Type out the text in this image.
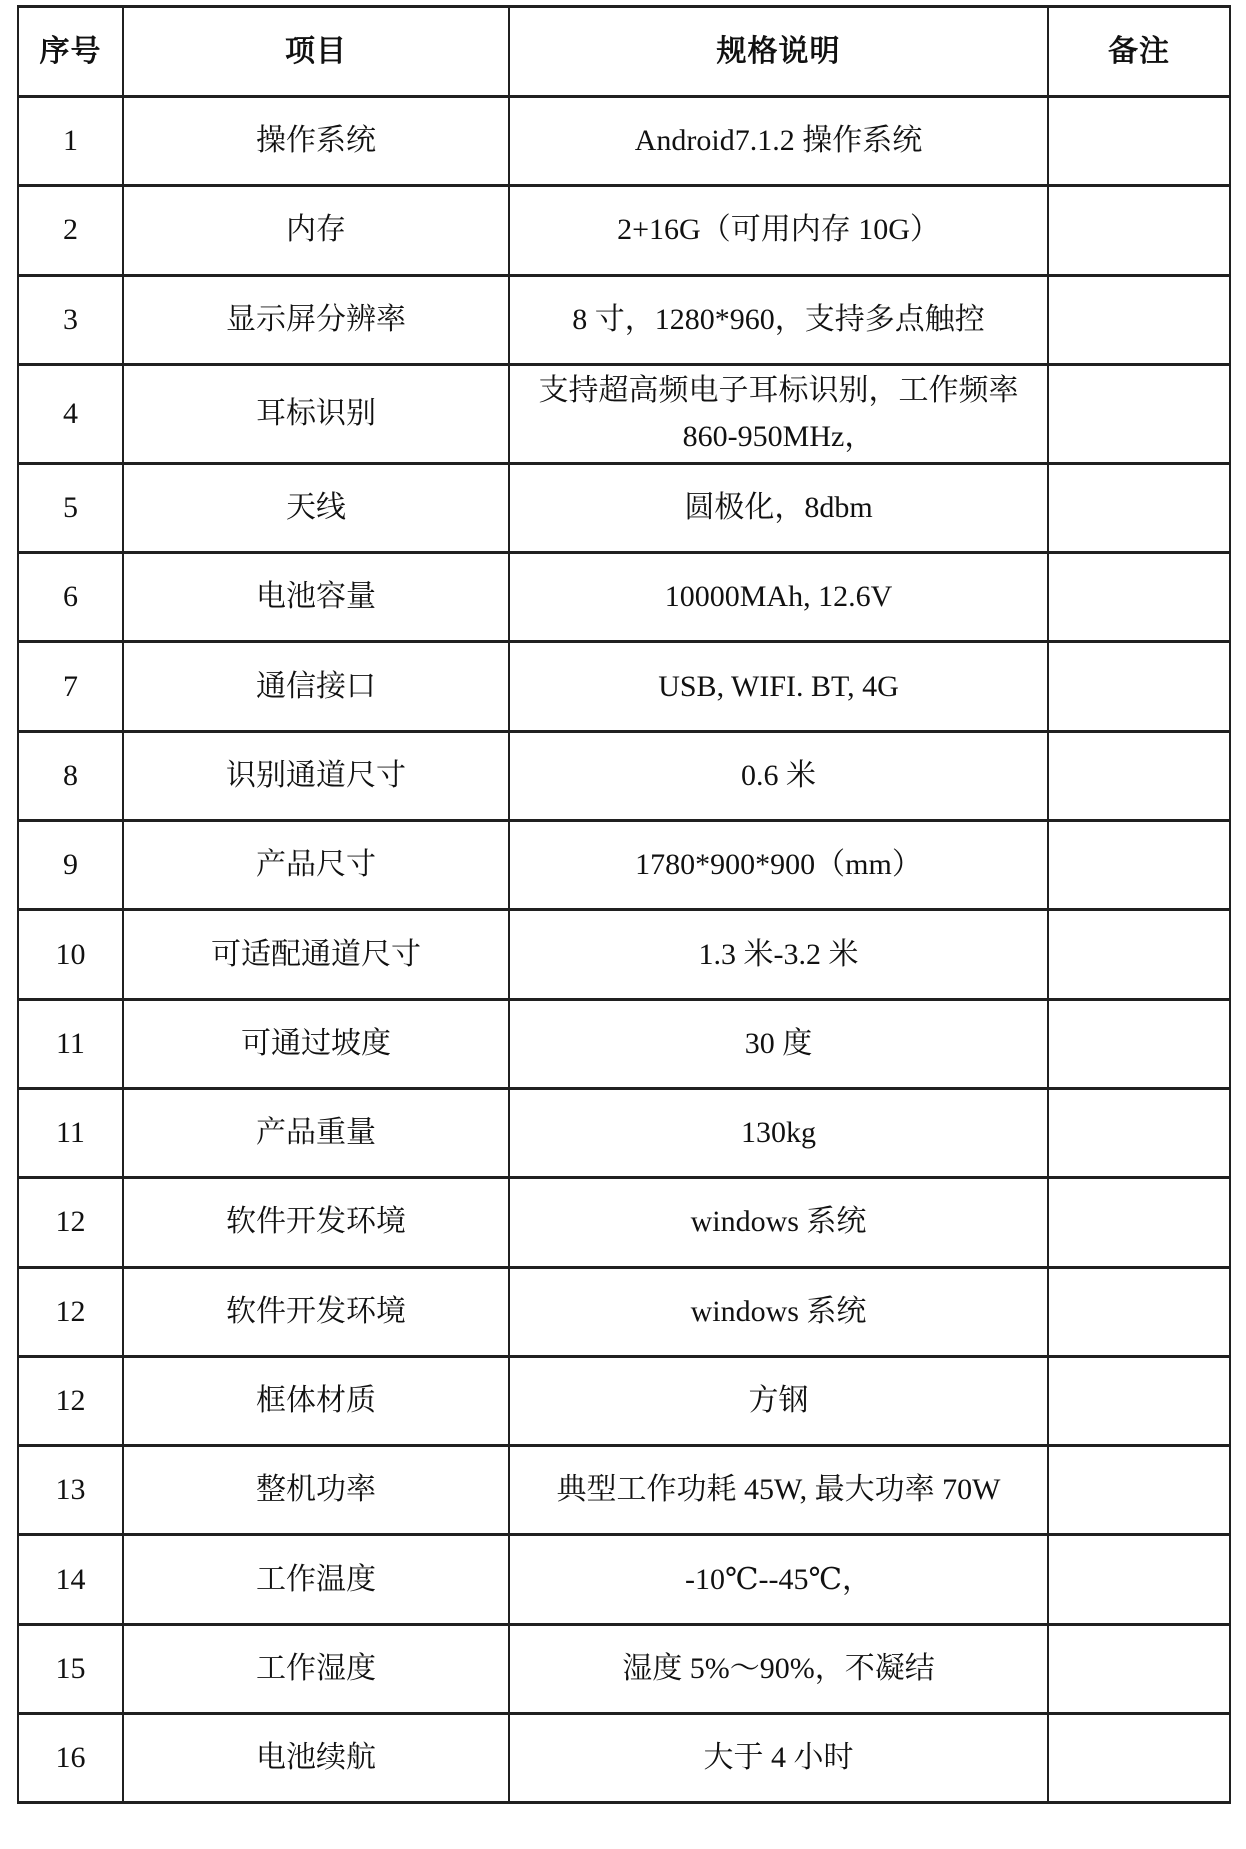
序号	项目	规格说明	备注
1	操作系统	Android7.1.2 操作系统	
2	内存	2+16G（可用内存 10G）	
3	显示屏分辨率	8 寸，1280*960，支持多点触控	
4	耳标识别	支持超高频电子耳标识别，工作频率 860-950MHz，	
5	天线	圆极化，8dbm	
6	电池容量	10000MAh, 12.6V	
7	通信接口	USB, WIFI. BT, 4G	
8	识别通道尺寸	0.6 米	
9	产品尺寸	1780*900*900（mm）	
10	可适配通道尺寸	1.3 米-3.2 米	
11	可通过坡度	30 度	
11	产品重量	130kg	
12	软件开发环境	windows 系统	
12	软件开发环境	windows 系统	
12	框体材质	方钢	
13	整机功率	典型工作功耗 45W, 最大功率 70W	
14	工作温度	-10℃--45℃，	
15	工作湿度	湿度 5%～90%，不凝结	
16	电池续航	大于 4 小时	
